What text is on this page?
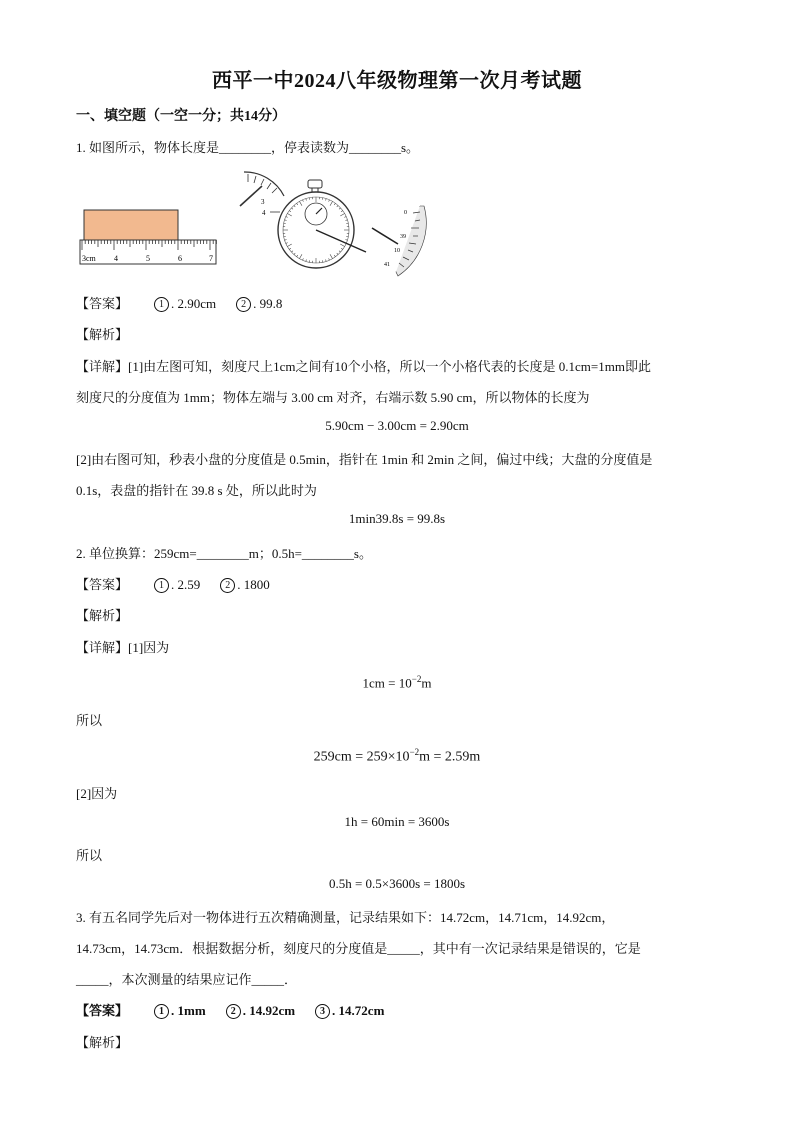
西平一中2024八年级物理第一次月考试题
一、填空题（一空一分；共14分）
1. 如图所示，物体长度是________，停表读数为________s。
3cm 4	5	6	7
3
4	0
39
10
41
【答案】	1 . 2.90cm	2 . 99.8
【解析】
【详解】[1]由左图可知，刻度尺上1cm之间有10个小格，所以一个小格代表的长度是 0.1cm=1mm即此
刻度尺的分度值为 1mm；物体左端与 3.00 cm 对齐，右端示数 5.90 cm，所以物体的长度为
5.90cm − 3.00cm = 2.90cm
[2]由右图可知，秒表小盘的分度值是 0.5min，指针在 1min 和 2min 之间，偏过中线；大盘的分度值是
0.1s，表盘的指针在 39.8 s 处，所以此时为
1min39.8s = 99.8s
2. 单位换算：259cm=________m；0.5h=________s。
【答案】	1 . 2.59	2 . 1800
【解析】
【详解】[1]因为
$1cm = 10^{-2}m$
所以
$259cm = 259\times 10^{-2}m = 2.59m$
[2]因为
1h = 60min = 3600s
所以
0.5h = 0.5×3600s = 1800s
3. 有五名同学先后对一物体进行五次精确测量，记录结果如下：14.72cm，14.71cm，14.92cm，
14.73cm，14.73cm．根据数据分析，刻度尺的分度值是_____，其中有一次记录结果是错误的，它是
_____，本次测量的结果应记作_____．
【答案】	1 . 1mm	2 . 14.92cm	3 . 14.72cm
【解析】
